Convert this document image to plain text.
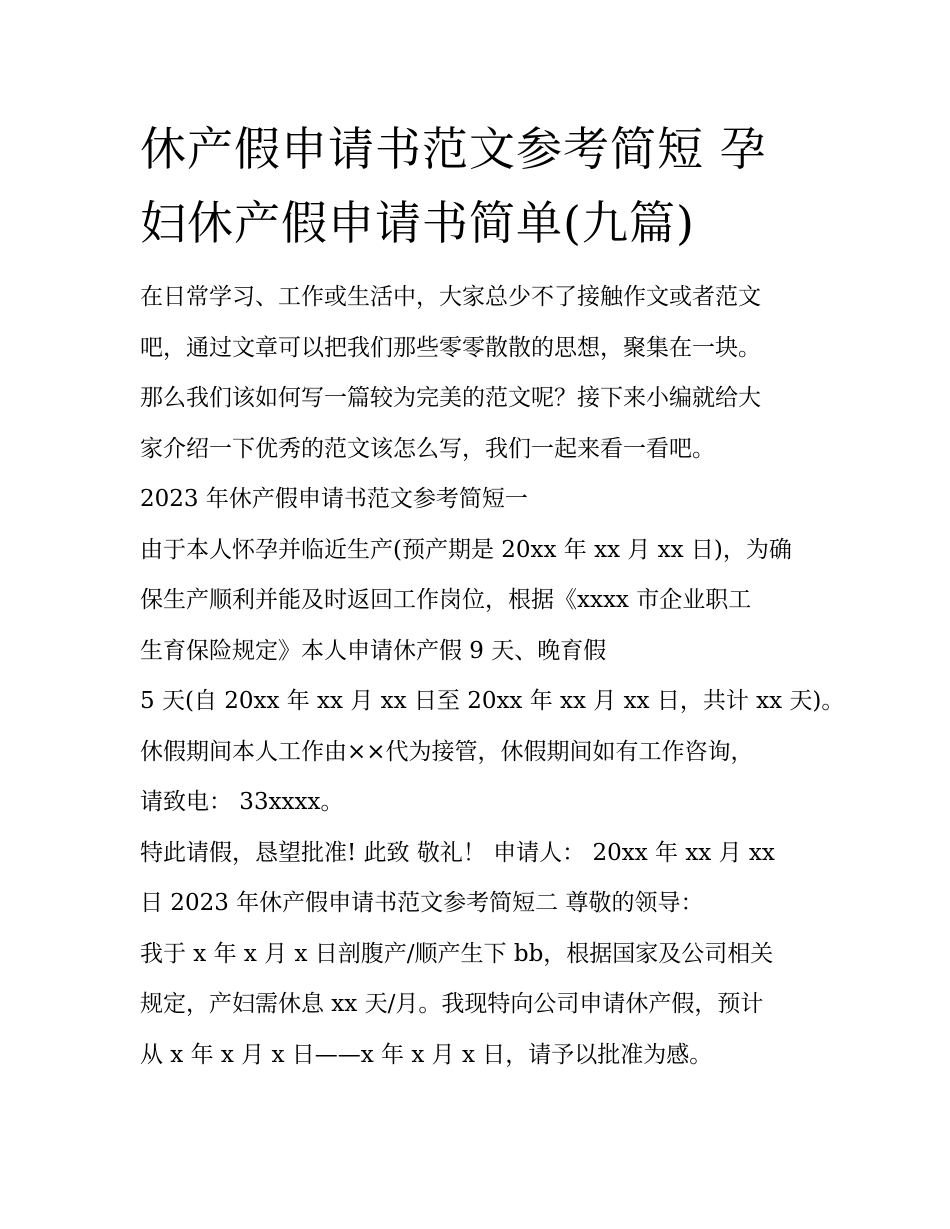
休产假申请书范文参考简短 孕
妇休产假申请书简单(九篇)
在日常学习、工作或生活中，大家总少不了接触作文或者范文
吧，通过文章可以把我们那些零零散散的思想，聚集在一块。
那么我们该如何写一篇较为完美的范文呢？接下来小编就给大
家介绍一下优秀的范文该怎么写，我们一起来看一看吧。
2023 年休产假申请书范文参考简短一
由于本人怀孕并临近生产(预产期是 20xx 年 xx 月 xx 日)，为确
保生产顺利并能及时返回工作岗位，根据《xxxx 市企业职工
生育保险规定》本人申请休产假 9 天、晚育假
5 天(自 20xx 年 xx 月 xx 日至 20xx 年 xx 月 xx 日，共计 xx 天)。
休假期间本人工作由××代为接管，休假期间如有工作咨询，
请致电： 33xxxx。
特此请假，恳望批准! 此致 敬礼！ 申请人： 20xx 年 xx 月 xx
日 2023 年休产假申请书范文参考简短二 尊敬的领导：
我于 x 年 x 月 x 日剖腹产/顺产生下 bb，根据国家及公司相关
规定，产妇需休息 xx 天/月。我现特向公司申请休产假，预计
从 x 年 x 月 x 日——x 年 x 月 x 日，请予以批准为感。
